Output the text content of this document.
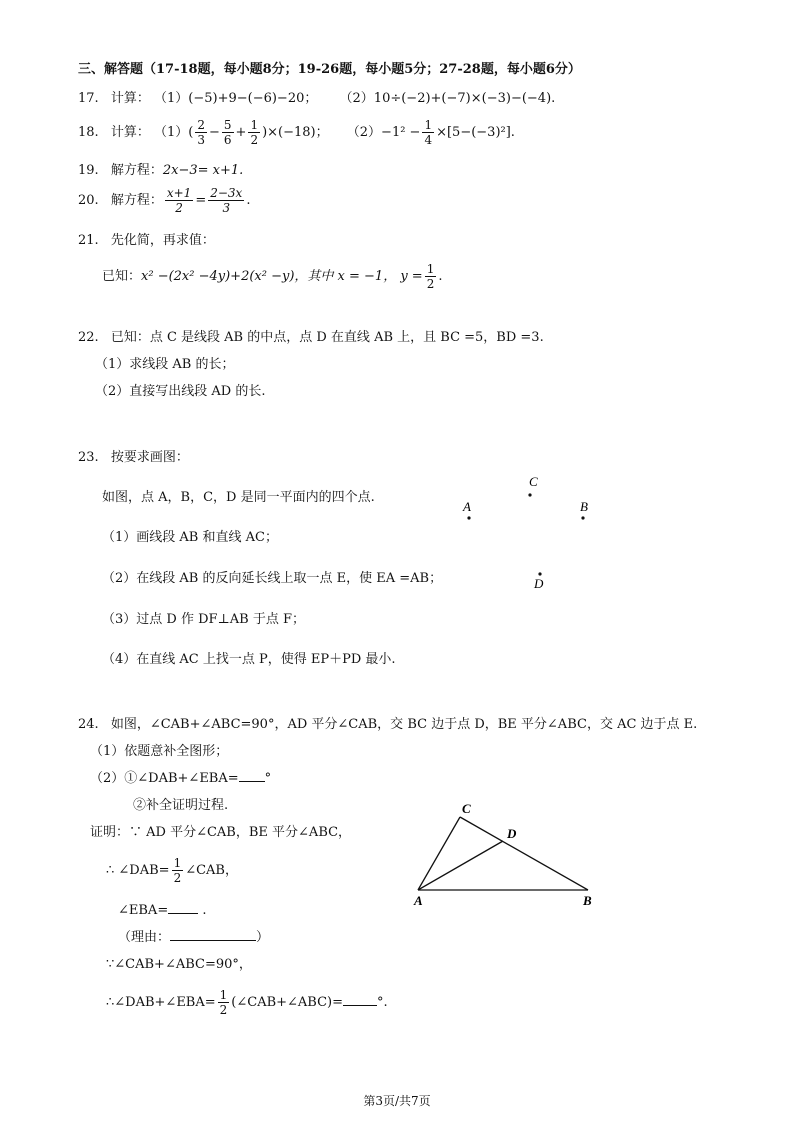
三、解答题（17-18题，每小题8分；19-26题，每小题5分；27-28题，每小题6分）
17. 计算： （1）(−5)+9−(−6)−20； （2）10÷(−2)+(−7)×(−3)−(−4).
18. 计算： $(1)( \frac{2}{3} - \frac{5}{6} + \frac{1}{2} )\times(-18)$； $(2)-1^2 - \frac{1}{4} \times[5-(-3)^2]$.
19. 解方程：2x−3= x+1.
20. 解方程： $\frac{x+1}{2} = \frac{2-3x}{3}$ .
21. 先化简，再求值：
已知：x² −(2x² −4y)+2(x² −y)，其中 x = −1， $y = \frac{1}{2}$ .
22. 已知：点 C 是线段 AB 的中点，点 D 在直线 AB 上，且 BC =5，BD =3.
（1）求线段 AB 的长；
（2）直接写出线段 AD 的长.
23. 按要求画图：
如图，点 A，B，C，D 是同一平面内的四个点.
（1）画线段 AB 和直线 AC；
（2）在线段 AB 的反向延长线上取一点 E，使 EA =AB；
（3）过点 D 作 DF⊥AB 于点 F；
（4）在直线 AC 上找一点 P，使得 EP＋PD 最小.
C
A	B
D
24. 如图，∠CAB+∠ABC=90°，AD 平分∠CAB，交 BC 边于点 D，BE 平分∠ABC，交 AC 边于点 E.
（1）依题意补全图形；
（2）①∠DAB+∠EBA= °
②补全证明过程.
证明：∵ AD 平分∠CAB，BE 平分∠ABC，
∴ ∠DAB= $\frac{1}{2}$ ∠CAB，
∠EBA=	.
（理由：	）
∵∠CAB+∠ABC=90°，
∴∠DAB+∠EBA= $\frac{1}{2}$ (∠CAB+∠ABC)=	°.
C
D
A	B
第3页/共7页
